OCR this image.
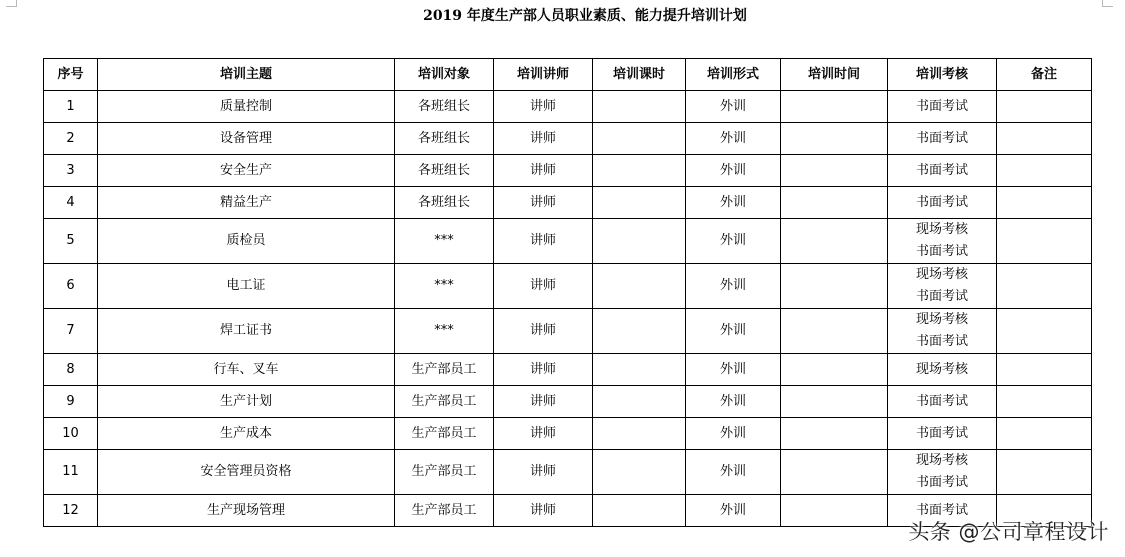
2019 年度生产部人员职业素质、能力提升培训计划
序号	培训主题	培训对象	培训讲师	培训课时	培训形式	培训时间	培训考核	备注
1	质量控制	各班组长	讲师		外训		书面考试	

2	设备管理	各班组长	讲师		外训		书面考试	

3	安全生产	各班组长	讲师		外训		书面考试	

4	精益生产	各班组长	讲师		外训		书面考试	

5	质检员	***	讲师		外训		现场考核
书面考试	

6	电工证	***	讲师		外训		现场考核
书面考试	

7	焊工证书	***	讲师		外训		现场考核
书面考试	

8	行车、叉车	生产部员工	讲师		外训		现场考核	

9	生产计划	生产部员工	讲师		外训		书面考试	

10	生产成本	生产部员工	讲师		外训		书面考试	

11	安全管理员资格	生产部员工	讲师		外训		现场考核
书面考试	

12	生产现场管理	生产部员工	讲师		外训		书面考试	

头条 @公司章程设计
